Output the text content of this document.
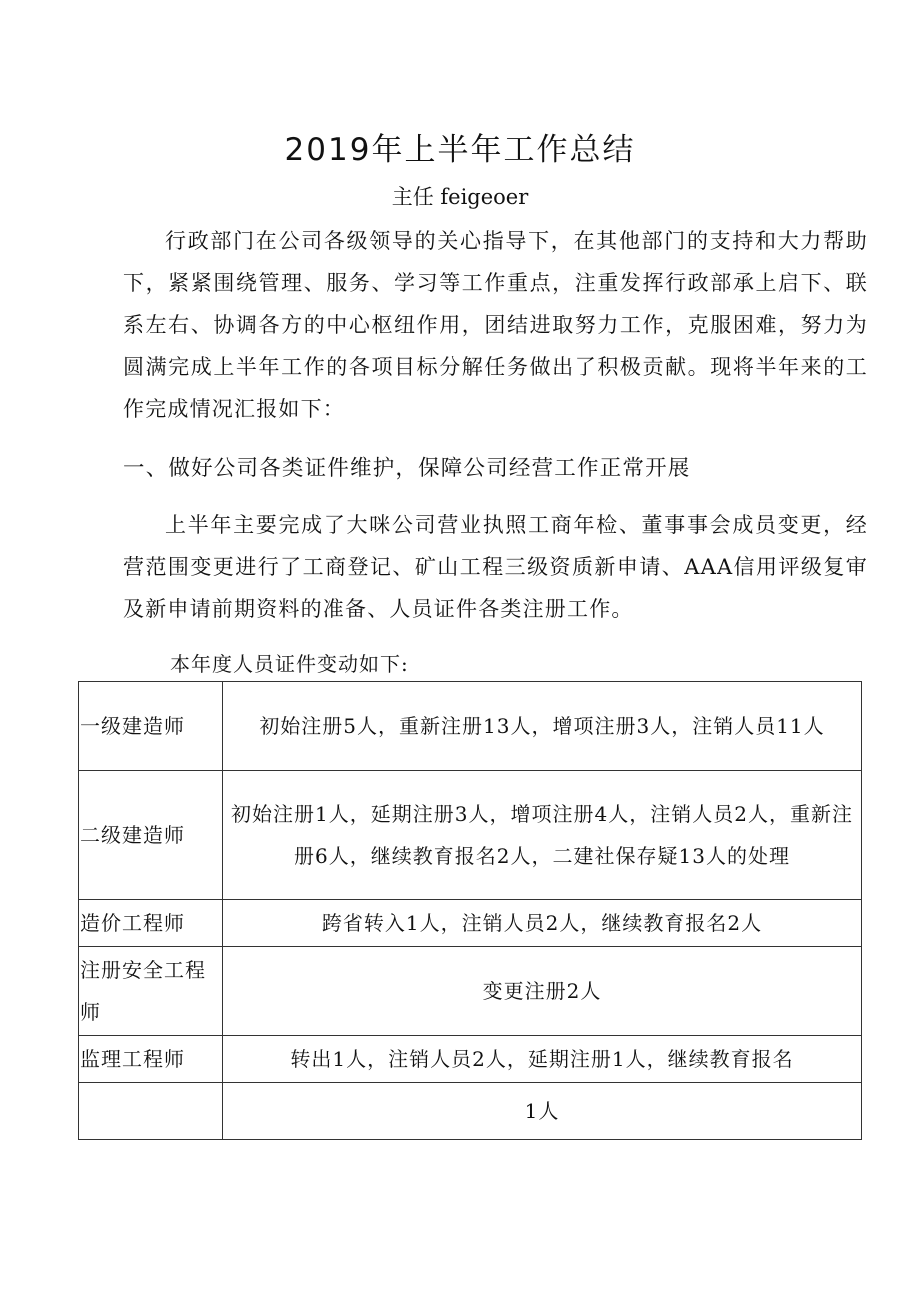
2019年上半年工作总结
主任 feigeoer

行政部门在公司各级领导的关心指导下，在其他部门的支持和大力帮助下，紧紧围绕管理、服务、学习等工作重点，注重发挥行政部承上启下、联系左右、协调各方的中心枢纽作用，团结进取努力工作，克服困难，努力为圆满完成上半年工作的各项目标分解任务做出了积极贡献。现将半年来的工作完成情况汇报如下：

一、做好公司各类证件维护，保障公司经营工作正常开展

上半年主要完成了大咪公司营业执照工商年检、董事事会成员变更，经营范围变更进行了工商登记、矿山工程三级资质新申请、AAA信用评级复审及新申请前期资料的准备、人员证件各类注册工作。

本年度人员证件变动如下:
一级建造师	初始注册5人，重新注册13人，增项注册3人，注销人员11人
二级建造师	初始注册1人，延期注册3人，增项注册4人，注销人员2人，重新注册6人，继续教育报名2人，二建社保存疑13人的处理
造价工程师	跨省转入1人，注销人员2人，继续教育报名2人
注册安全工程师	变更注册2人
监理工程师	转出1人，注销人员2人，延期注册1人，继续教育报名
	1人
